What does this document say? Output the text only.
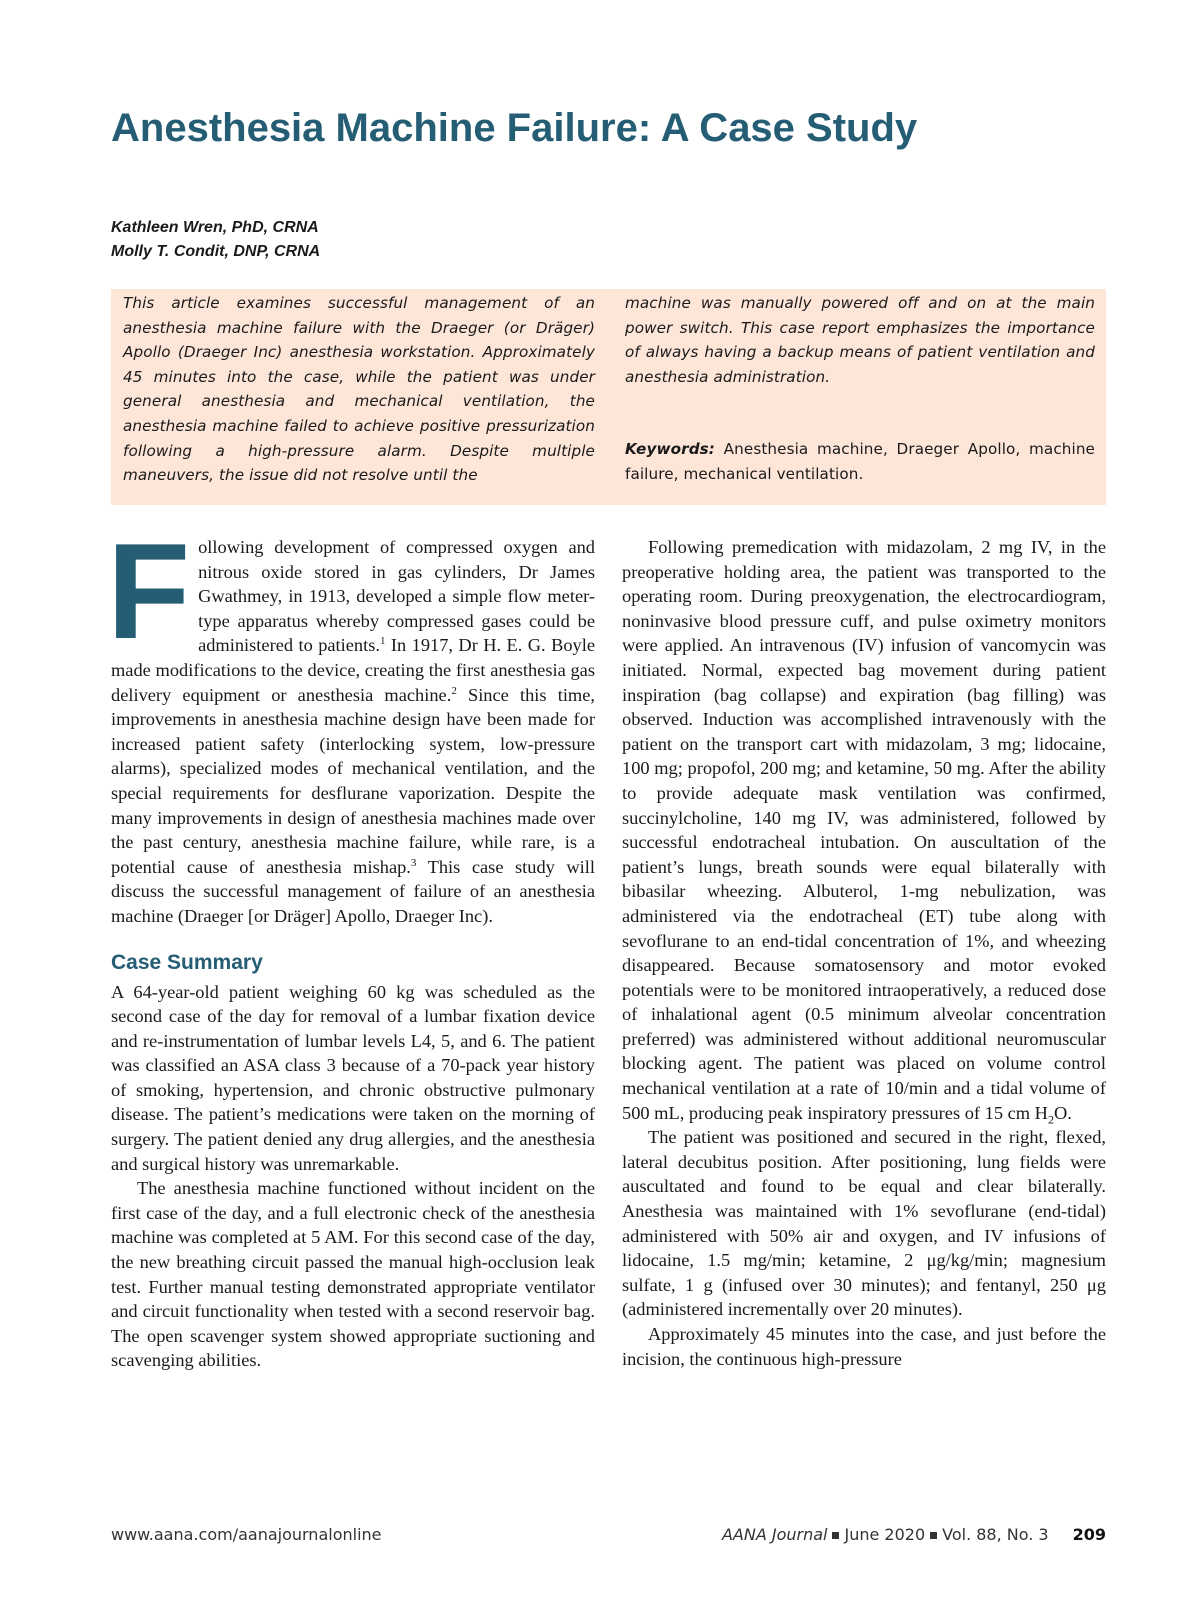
Anesthesia Machine Failure: A Case Study
Kathleen Wren, PhD, CRNA
Molly T. Condit, DNP, CRNA
This article examines successful management of an anesthesia machine failure with the Draeger (or Dräger) Apollo (Draeger Inc) anesthesia workstation. Approximately 45 minutes into the case, while the patient was under general anesthesia and mechanical ventilation, the anesthesia machine failed to achieve positive pressurization following a high-pressure alarm. Despite multiple maneuvers, the issue did not resolve until the
machine was manually powered off and on at the main power switch. This case report emphasizes the importance of always having a backup means of patient ventilation and anesthesia administration.
Keywords: Anesthesia machine, Draeger Apollo, machine failure, mechanical ventilation.

Following development of compressed oxygen and nitrous oxide stored in gas cylinders, Dr James Gwathmey, in 1913, developed a simple flow meter-type apparatus whereby compressed gases could be administered to patients.$^1$ In 1917, Dr H. E. G. Boyle made modifications to the device, creating the first anesthesia gas delivery equipment or anesthesia machine.$^2$ Since this time, improvements in anesthesia machine design have been made for increased patient safety (interlocking system, low-pressure alarms), specialized modes of mechanical ventilation, and the special requirements for desflurane vaporization. Despite the many improvements in design of anesthesia machines made over the past century, anesthesia machine failure, while rare, is a potential cause of anesthesia mishap.$^3$ This case study will discuss the successful management of failure of an anesthesia machine (Draeger [or Dräger] Apollo, Draeger Inc).

Case Summary

A 64-year-old patient weighing 60 kg was scheduled as the second case of the day for removal of a lumbar fixation device and re-instrumentation of lumbar levels L4, 5, and 6. The patient was classified an ASA class 3 because of a 70-pack year history of smoking, hypertension, and chronic obstructive pulmonary disease. The patient’s medications were taken on the morning of surgery. The patient denied any drug allergies, and the anesthesia and surgical history was unremarkable.

The anesthesia machine functioned without incident on the first case of the day, and a full electronic check of the anesthesia machine was completed at 5 AM. For this second case of the day, the new breathing circuit passed the manual high-occlusion leak test. Further manual testing demonstrated appropriate ventilator and circuit functionality when tested with a second reservoir bag. The open scavenger system showed appropriate suctioning and scavenging abilities.

Following premedication with midazolam, 2 mg IV, in the preoperative holding area, the patient was transported to the operating room. During preoxygenation, the electrocardiogram, noninvasive blood pressure cuff, and pulse oximetry monitors were applied. An intravenous (IV) infusion of vancomycin was initiated. Normal, expected bag movement during patient inspiration (bag collapse) and expiration (bag filling) was observed. Induction was accomplished intravenously with the patient on the transport cart with midazolam, 3 mg; lidocaine, 100 mg; propofol, 200 mg; and ketamine, 50 mg. After the ability to provide adequate mask ventilation was confirmed, succinylcholine, 140 mg IV, was administered, followed by successful endotracheal intubation. On auscultation of the patient’s lungs, breath sounds were equal bilaterally with bibasilar wheezing. Albuterol, 1-mg nebulization, was administered via the endotracheal (ET) tube along with sevoflurane to an end-tidal concentration of 1%, and wheezing disappeared. Because somatosensory and motor evoked potentials were to be monitored intraoperatively, a reduced dose of inhalational agent (0.5 minimum alveolar concentration preferred) was administered without additional neuromuscular blocking agent. The patient was placed on volume control mechanical ventilation at a rate of 10/min and a tidal volume of 500 mL, producing peak inspiratory pressures of 15 cm $H_2O$.

The patient was positioned and secured in the right, flexed, lateral decubitus position. After positioning, lung fields were auscultated and found to be equal and clear bilaterally. Anesthesia was maintained with 1% sevoflurane (end-tidal) administered with 50% air and oxygen, and IV infusions of lidocaine, 1.5 mg/min; ketamine, 2 μg/kg/min; magnesium sulfate, 1 g (infused over 30 minutes); and fentanyl, 250 μg (administered incrementally over 20 minutes).

Approximately 45 minutes into the case, and just before the incision, the continuous high-pressure

www.aana.com/aanajournalonline	AANA Journal June 2020 Vol. 88, No. 3 209
